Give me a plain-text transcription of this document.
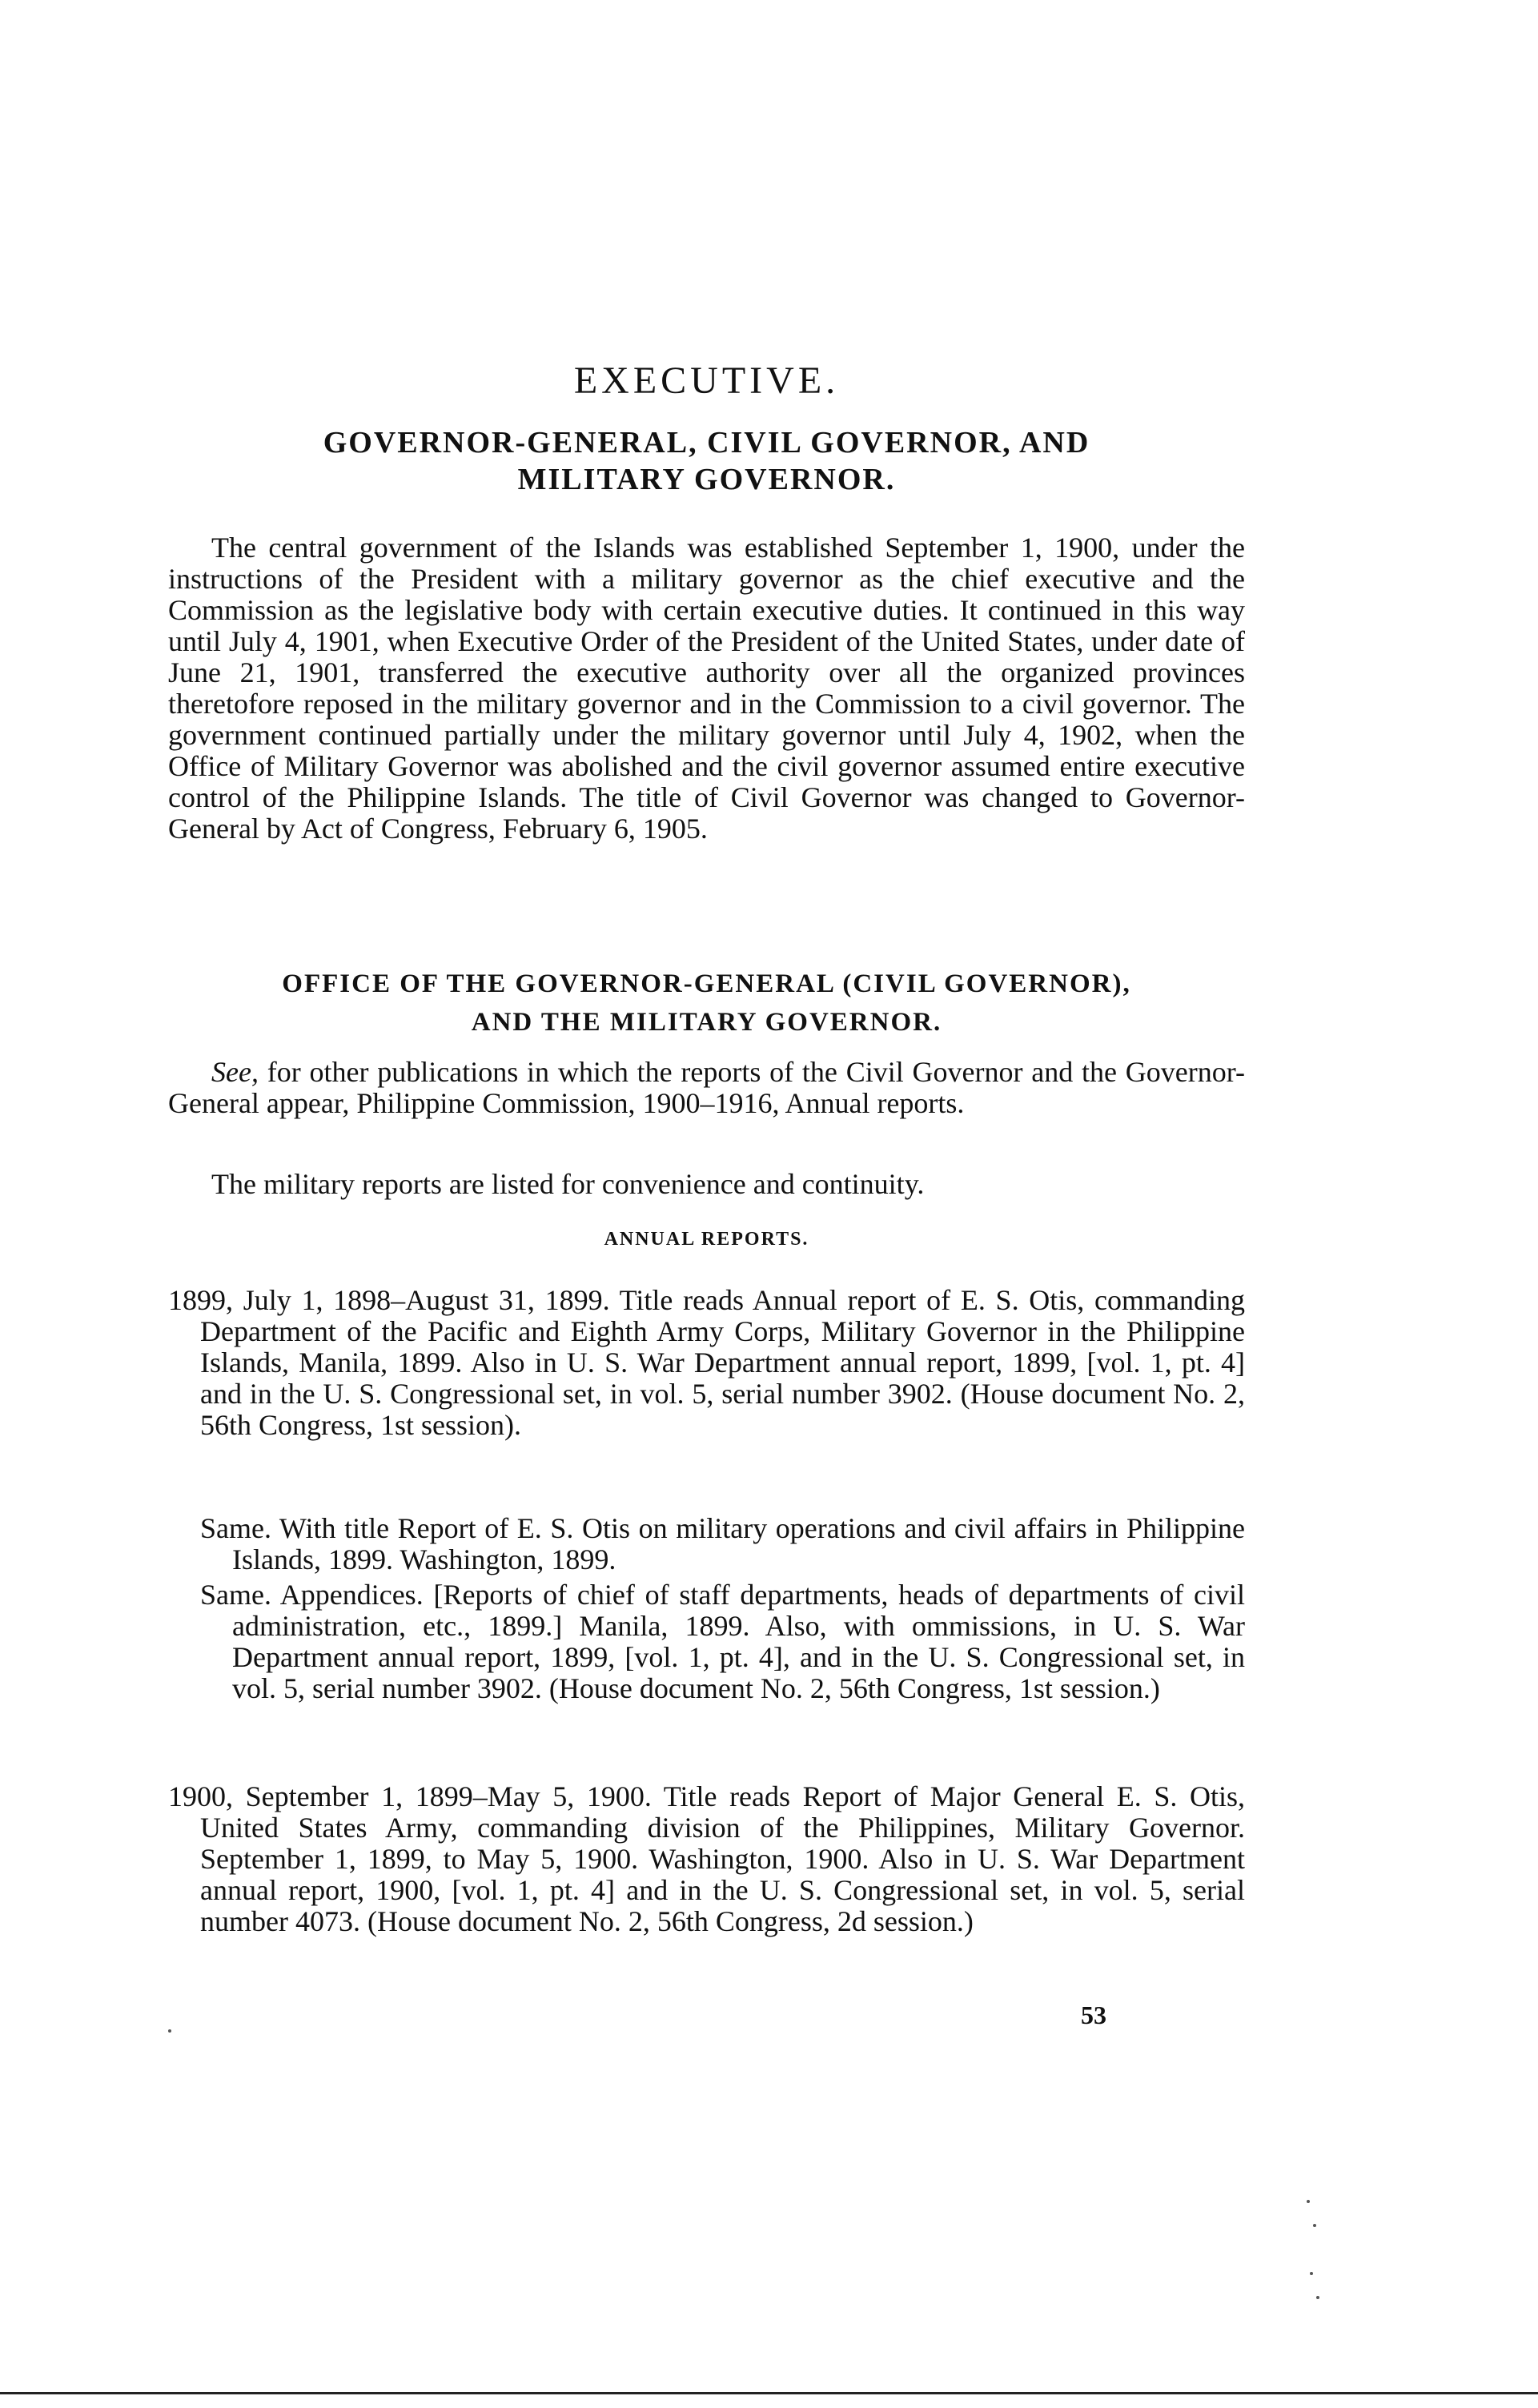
EXECUTIVE.
GOVERNOR-GENERAL, CIVIL GOVERNOR, AND
MILITARY GOVERNOR.

The central government of the Islands was established September 1, 1900, under the instructions of the President with a military governor as the chief executive and the Commission as the legislative body with certain executive duties. It continued in this way until July 4, 1901, when Executive Order of the President of the United States, under date of June 21, 1901, transferred the executive authority over all the organized provinces theretofore reposed in the military governor and in the Commission to a civil governor. The government continued partially under the military governor until July 4, 1902, when the Office of Military Governor was abolished and the civil governor assumed entire executive control of the Philippine Islands. The title of Civil Governor was changed to Governor-General by Act of Congress, February 6, 1905.

OFFICE OF THE GOVERNOR-GENERAL (CIVIL GOVERNOR),
AND THE MILITARY GOVERNOR.

See, for other publications in which the reports of the Civil Governor and the Governor-General appear, Philippine Commission, 1900–1916, Annual reports.

The military reports are listed for convenience and continuity.

ANNUAL REPORTS.

1899, July 1, 1898–August 31, 1899. Title reads Annual report of E. S. Otis, commanding Department of the Pacific and Eighth Army Corps, Military Governor in the Philippine Islands, Manila, 1899. Also in U. S. War Department annual report, 1899, [vol. 1, pt. 4] and in the U. S. Congressional set, in vol. 5, serial number 3902. (House document No. 2, 56th Congress, 1st session).

Same. With title Report of E. S. Otis on military operations and civil affairs in Philippine Islands, 1899. Washington, 1899.

Same. Appendices. [Reports of chief of staff departments, heads of departments of civil administration, etc., 1899.] Manila, 1899. Also, with ommissions, in U. S. War Department annual report, 1899, [vol. 1, pt. 4], and in the U. S. Congressional set, in vol. 5, serial number 3902. (House document No. 2, 56th Congress, 1st session.)

1900, September 1, 1899–May 5, 1900. Title reads Report of Major General E. S. Otis, United States Army, commanding division of the Philippines, Military Governor. September 1, 1899, to May 5, 1900. Washington, 1900. Also in U. S. War Department annual report, 1900, [vol. 1, pt. 4] and in the U. S. Congressional set, in vol. 5, serial number 4073. (House document No. 2, 56th Congress, 2d session.)

53
